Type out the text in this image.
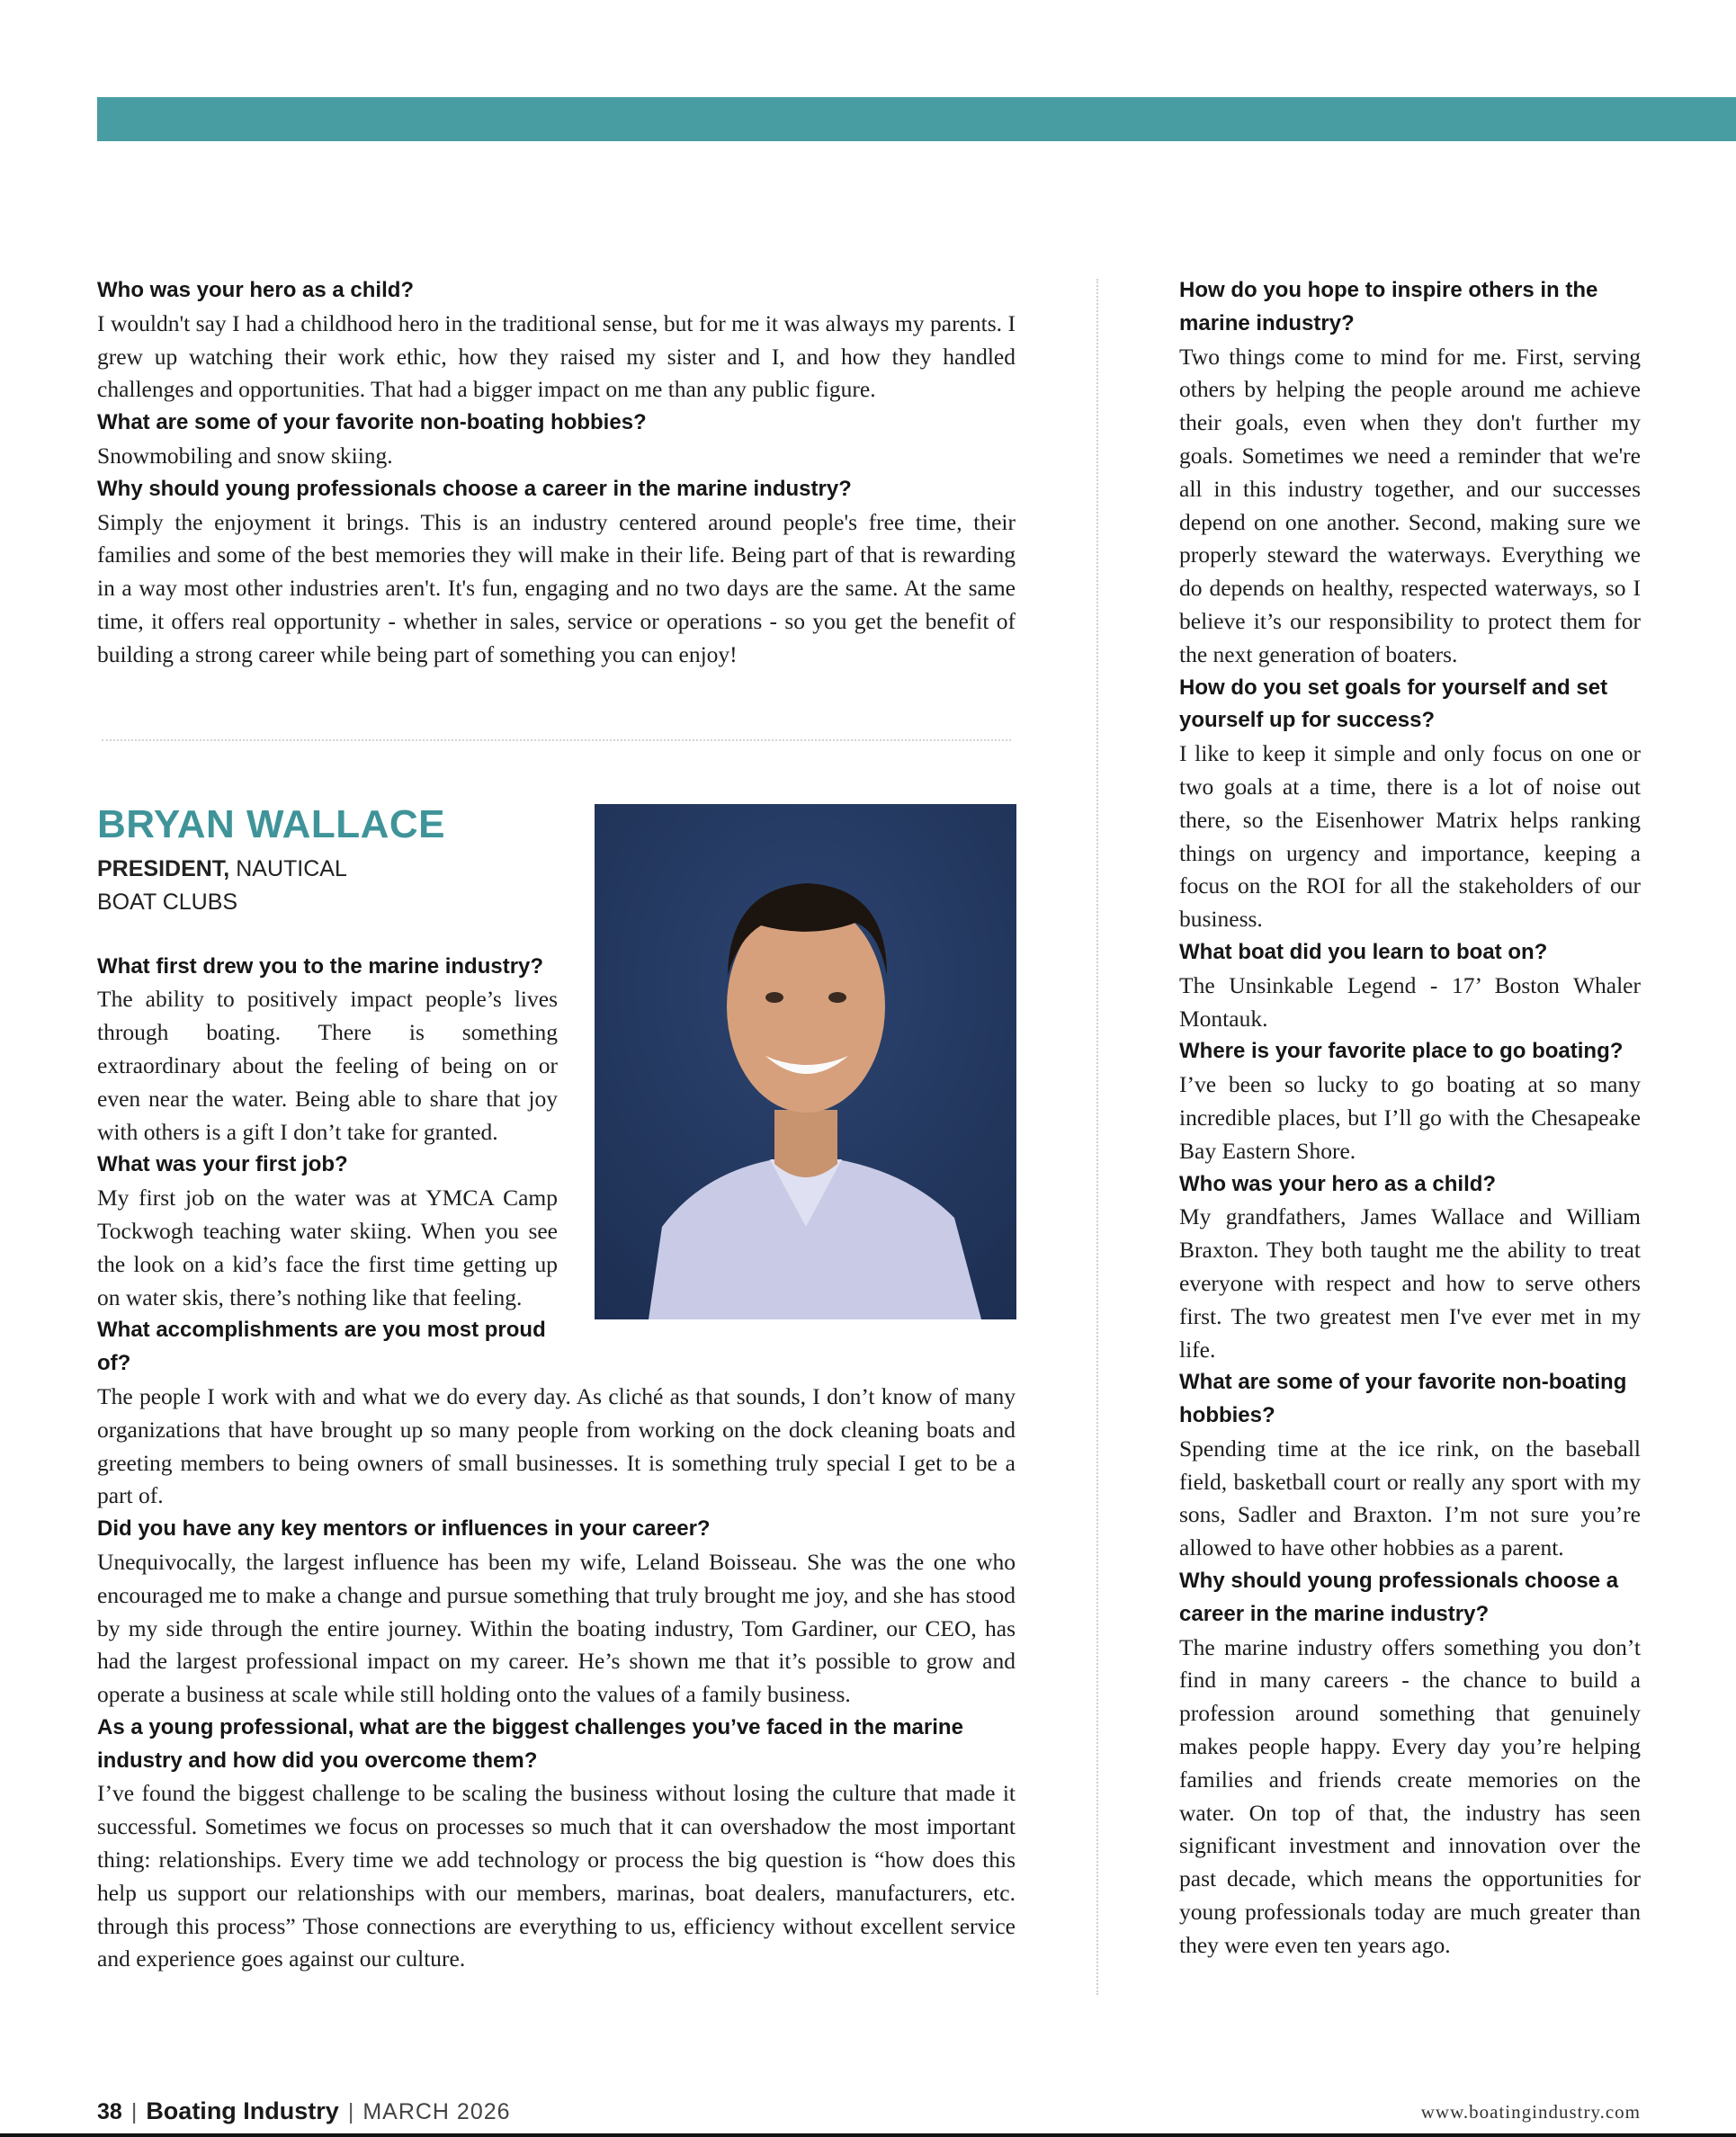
Who was your hero as a child?

I wouldn't say I had a childhood hero in the traditional sense, but for me it was always my parents. I grew up watching their work ethic, how they raised my sister and I, and how they handled challenges and opportunities. That had a bigger impact on me than any public figure.

What are some of your favorite non-boating hobbies?

Snowmobiling and snow skiing.

Why should young professionals choose a career in the marine industry?

Simply the enjoyment it brings. This is an industry centered around people's free time, their families and some of the best memories they will make in their life. Being part of that is rewarding in a way most other industries aren't. It's fun, engaging and no two days are the same. At the same time, it offers real opportunity - whether in sales, service or operations - so you get the benefit of building a strong career while being part of something you can enjoy!

BRYAN WALLACE

PRESIDENT, NAUTICAL

BOAT CLUBS

What first drew you to the marine industry?

The ability to positively impact people’s lives through boating. There is something extraordinary about the feeling of being on or even near the water. Being able to share that joy with others is a gift I don’t take for granted.

What was your first job?

My first job on the water was at YMCA Camp Tockwogh teaching water skiing. When you see the look on a kid’s face the first time getting up on water skis, there’s nothing like that feeling.

What accomplishments are you most proud of?

The people I work with and what we do every day. As cliché as that sounds, I don’t know of many organizations that have brought up so many people from working on the dock cleaning boats and greeting members to being owners of small businesses. It is something truly special I get to be a part of.

Did you have any key mentors or influences in your career?

Unequivocally, the largest influence has been my wife, Leland Boisseau. She was the one who encouraged me to make a change and pursue something that truly brought me joy, and she has stood by my side through the entire journey. Within the boating industry, Tom Gardiner, our CEO, has had the largest professional impact on my career. He’s shown me that it’s possible to grow and operate a business at scale while still holding onto the values of a family business.

As a young professional, what are the biggest challenges you’ve faced in the marine industry and how did you overcome them?

I’ve found the biggest challenge to be scaling the business without losing the culture that made it successful. Sometimes we focus on processes so much that it can overshadow the most important thing: relationships. Every time we add technology or process the big question is “how does this help us support our relationships with our members, marinas, boat dealers, manufacturers, etc. through this process” Those connections are everything to us, efficiency without excellent service and experience goes against our culture.

How do you hope to inspire others in the marine industry?

Two things come to mind for me. First, serving others by helping the people around me achieve their goals, even when they don't further my goals. Sometimes we need a reminder that we're all in this industry together, and our successes depend on one another. Second, making sure we properly steward the waterways. Everything we do depends on healthy, respected waterways, so I believe it’s our responsibility to protect them for the next generation of boaters.

How do you set goals for yourself and set yourself up for success?

I like to keep it simple and only focus on one or two goals at a time, there is a lot of noise out there, so the Eisenhower Matrix helps ranking things on urgency and importance, keeping a focus on the ROI for all the stakeholders of our business.

What boat did you learn to boat on?

The Unsinkable Legend - 17’ Boston Whaler Montauk.

Where is your favorite place to go boating?

I’ve been so lucky to go boating at so many incredible places, but I’ll go with the Chesapeake Bay Eastern Shore.

Who was your hero as a child?

My grandfathers, James Wallace and William Braxton. They both taught me the ability to treat everyone with respect and how to serve others first. The two greatest men I've ever met in my life.

What are some of your favorite non-boating hobbies?

Spending time at the ice rink, on the baseball field, basketball court or really any sport with my sons, Sadler and Braxton. I’m not sure you’re allowed to have other hobbies as a parent.

Why should young professionals choose a career in the marine industry?

The marine industry offers something you don’t find in many careers - the chance to build a profession around something that genuinely makes people happy. Every day you’re helping families and friends create memories on the water. On top of that, the industry has seen significant investment and innovation over the past decade, which means the opportunities for young professionals today are much greater than they were even ten years ago.

38 | Boating Industry | MARCH 2026	www.boatingindustry.com
